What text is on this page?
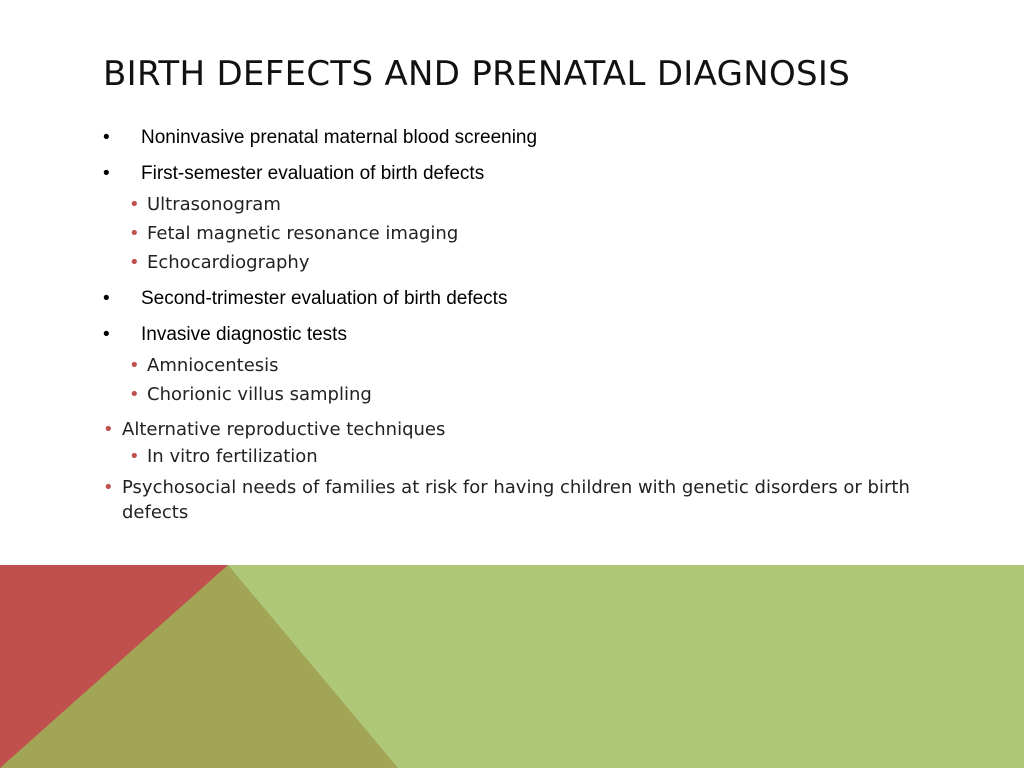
BIRTH DEFECTS AND PRENATAL DIAGNOSIS
• Noninvasive prenatal maternal blood screening
• First-semester evaluation of birth defects
• Ultrasonogram
• Fetal magnetic resonance imaging
• Echocardiography
• Second-trimester evaluation of birth defects
• Invasive diagnostic tests
• Amniocentesis
• Chorionic villus sampling
• Alternative reproductive techniques
• In vitro fertilization
• Psychosocial needs of families at risk for having children with genetic disorders or birth defects
